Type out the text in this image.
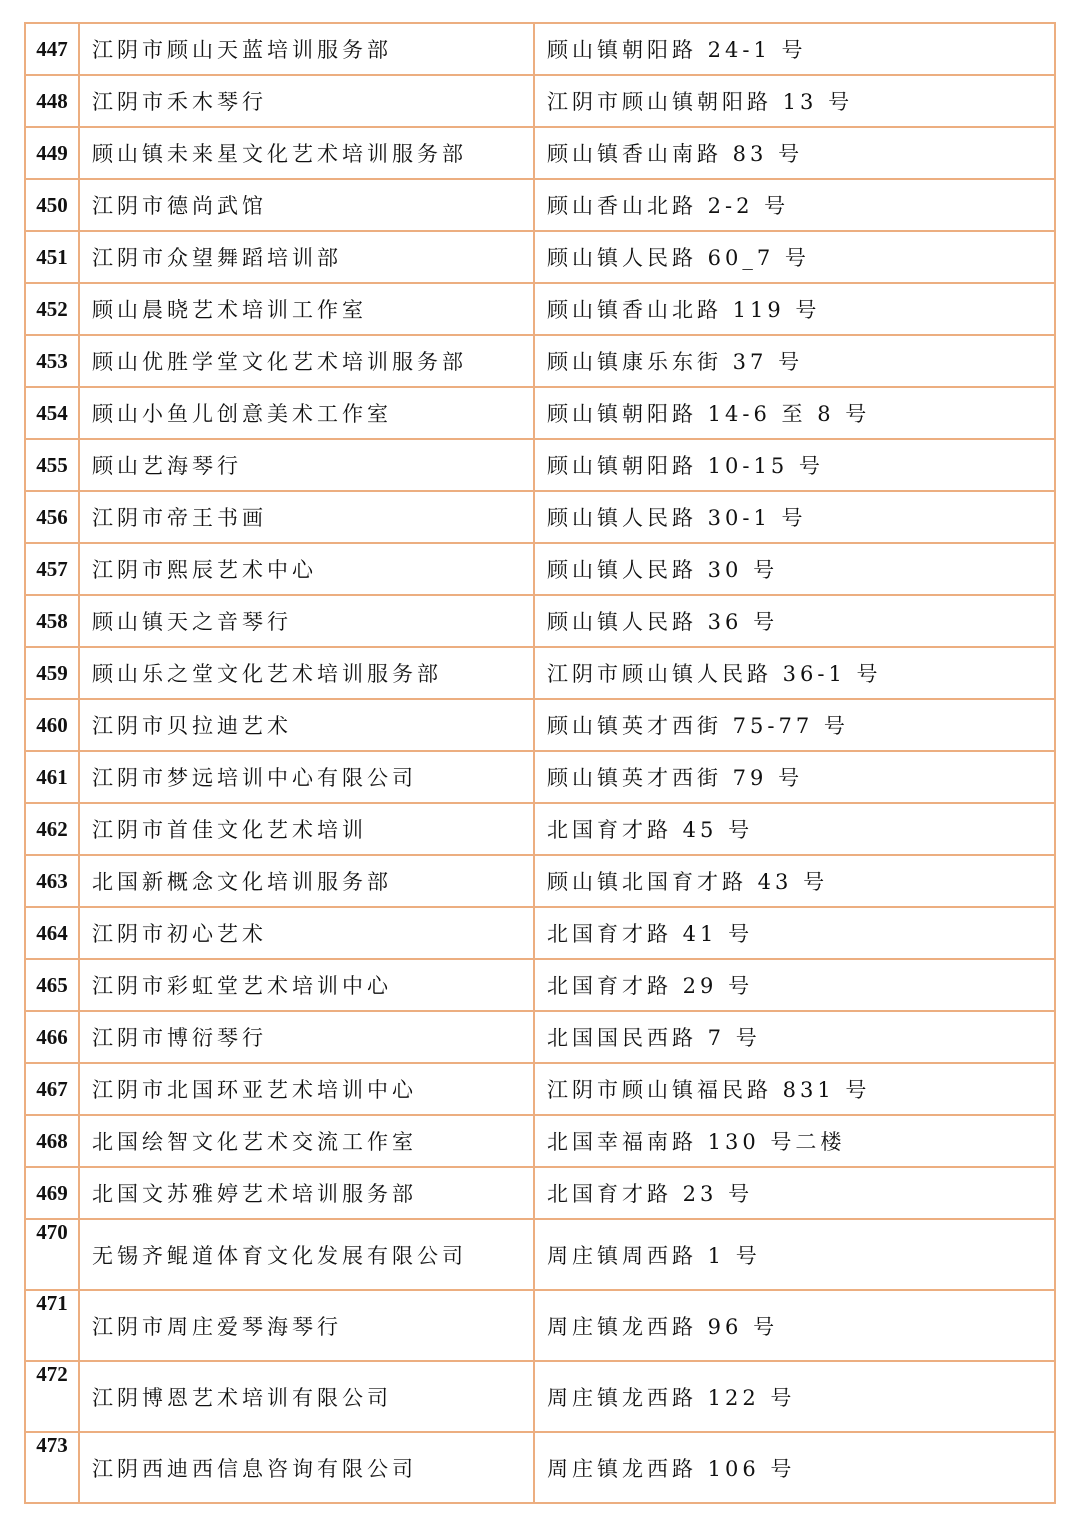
447	江阴市顾山天蓝培训服务部	顾山镇朝阳路 24-1 号
448	江阴市禾木琴行	江阴市顾山镇朝阳路 13 号
449	顾山镇未来星文化艺术培训服务部	顾山镇香山南路 83 号
450	江阴市德尚武馆	顾山香山北路 2-2 号
451	江阴市众望舞蹈培训部	顾山镇人民路 60_7 号
452	顾山晨晓艺术培训工作室	顾山镇香山北路 119 号
453	顾山优胜学堂文化艺术培训服务部	顾山镇康乐东街 37 号
454	顾山小鱼儿创意美术工作室	顾山镇朝阳路 14-6 至 8 号
455	顾山艺海琴行	顾山镇朝阳路 10-15 号
456	江阴市帝王书画	顾山镇人民路 30-1 号
457	江阴市熙辰艺术中心	顾山镇人民路 30 号
458	顾山镇天之音琴行	顾山镇人民路 36 号
459	顾山乐之堂文化艺术培训服务部	江阴市顾山镇人民路 36-1 号
460	江阴市贝拉迪艺术	顾山镇英才西街 75-77 号
461	江阴市梦远培训中心有限公司	顾山镇英才西街 79 号
462	江阴市首佳文化艺术培训	北国育才路 45 号
463	北国新概念文化培训服务部	顾山镇北国育才路 43 号
464	江阴市初心艺术	北国育才路 41 号
465	江阴市彩虹堂艺术培训中心	北国育才路 29 号
466	江阴市博衍琴行	北国国民西路 7 号
467	江阴市北国环亚艺术培训中心	江阴市顾山镇福民路 831 号
468	北国绘智文化艺术交流工作室	北国幸福南路 130 号二楼
469	北国文苏雅婷艺术培训服务部	北国育才路 23 号
470	无锡齐鲲道体育文化发展有限公司	周庄镇周西路 1 号
471	江阴市周庄爱琴海琴行	周庄镇龙西路 96 号
472	江阴博恩艺术培训有限公司	周庄镇龙西路 122 号
473	江阴西迪西信息咨询有限公司	周庄镇龙西路 106 号
